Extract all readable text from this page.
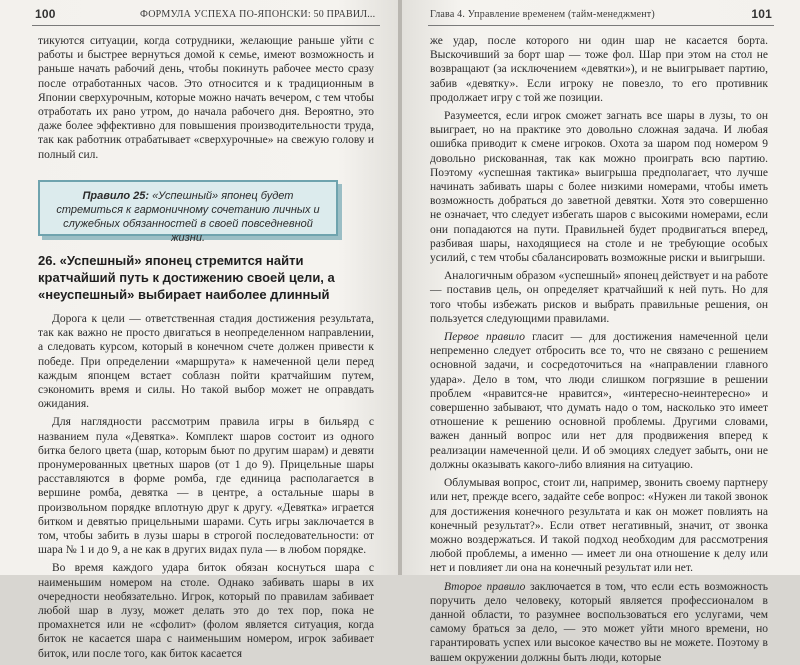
100	ФОРМУЛА УСПЕХА ПО-ЯПОНСКИ: 50 ПРАВИЛ...

тикуются ситуации, когда сотрудники, желающие раньше уйти с работы и быстрее вернуться домой к семье, имеют возможность и раньше начать рабочий день, чтобы покинуть рабочее место сразу после отработанных часов. Это относится и к традиционным в Японии сверхурочным, которые можно начать вечером, с тем чтобы отработать их рано утром, до начала рабочего дня. Вероятно, это даже более эффективно для повышения производительности труда, так как работник отрабатывает «сверхурочные» на свежую голову и полный сил.

Правило 25: «Успешный» японец будет стремиться к гармоничному сочетанию личных и служебных обязанностей в своей повседневной жизни.
26. «Успешный» японец стремится найти кратчайший путь к достижению своей цели, а «неуспешный» выбирает наиболее длинный

Дорога к цели — ответственная стадия достижения результата, так как важно не просто двигаться в неопределенном направлении, а следовать курсом, который в конечном счете должен привести к победе. При определении «маршрута» к намеченной цели перед каждым японцем встает соблазн пойти кратчайшим путем, сэкономить время и силы. Но такой выбор может не оправдать ожидания.

Для наглядности рассмотрим правила игры в бильярд с названием пула «Девятка». Комплект шаров состоит из одного битка белого цвета (шар, которым бьют по другим шарам) и девяти пронумерованных цветных шаров (от 1 до 9). Прицельные шары расставляются в форме ромба, где единица располагается в вершине ромба, девятка — в центре, а остальные шары в произвольном порядке вплотную друг к другу. «Девятка» играется битком и девятью прицельными шарами. Суть игры заключается в том, чтобы забить в лузы шары в строгой последовательности: от шара № 1 и до 9, а не как в других видах пула — в любом порядке.

Во время каждого удара биток обязан коснуться шара с наименьшим номером на столе. Однако забивать шары в их очередности необязательно. Игрок, который по правилам забивает любой шар в лузу, может делать это до тех пор, пока не промахнется или не «сфолит» (фолом является ситуация, когда биток не касается шара с наименьшим номером, игрок забивает биток, или после того, как биток касается

Глава 4. Управление временем (тайм-менеджмент)	101

же удар, после которого ни один шар не касается борта. Выскочивший за борт шар — тоже фол. Шар при этом на стол не возвращают (за исключением «девятки»), и не выигрывает партию, забив «девятку». Если игроку не повезло, то его противник продолжает игру с той же позиции.

Разумеется, если игрок сможет загнать все шары в лузы, то он выиграет, но на практике это довольно сложная задача. И любая ошибка приводит к смене игроков. Охота за шаром под номером 9 довольно рискованная, так как можно проиграть всю партию. Поэтому «успешная тактика» выигрыша предполагает, что лучше начинать забивать шары с более низкими номерами, чтобы иметь возможность добраться до заветной девятки. Хотя это совершенно не означает, что следует избегать шаров с высокими номерами, если они попадаются на пути. Правильней будет продвигаться вперед, разбивая шары, находящиеся на столе и не требующие особых усилий, с тем чтобы сбалансировать возможные риски и выигрыши.

Аналогичным образом «успешный» японец действует и на работе — поставив цель, он определяет кратчайший к ней путь. Но для того чтобы избежать рисков и выбрать правильные решения, он пользуется следующими правилами.

Первое правило гласит — для достижения намеченной цели непременно следует отбросить все то, что не связано с решением основной задачи, и сосредоточиться на «направлении главного удара». Дело в том, что люди слишком погрязшие в решении проблем «нравится-не нравится», «интересно-неинтересно» и совершенно забывают, что думать надо о том, насколько это имеет отношение к решению основной проблемы. Другими словами, важен данный вопрос или нет для продвижения вперед к реализации намеченной цели. И об эмоциях следует забыть, они не должны оказывать какого-либо влияния на ситуацию.

Облумывая вопрос, стоит ли, например, звонить своему партнеру или нет, прежде всего, задайте себе вопрос: «Нужен ли такой звонок для достижения конечного результата и как он может повлиять на конечный результат?». Если ответ негативный, значит, от звонка можно воздержаться. И такой подход необходим для рассмотрения любой проблемы, а именно — имеет ли она отношение к делу или нет и повлияет ли она на конечный результат или нет.

Второе правило заключается в том, что если есть возможность поручить дело человеку, который является профессионалом в данной области, то разумнее воспользоваться его услугами, чем самому браться за дело, — это может уйти много времени, но гарантировать успех или высокое качество вы не можете. Поэтому в вашем окружении должны быть люди, которые
